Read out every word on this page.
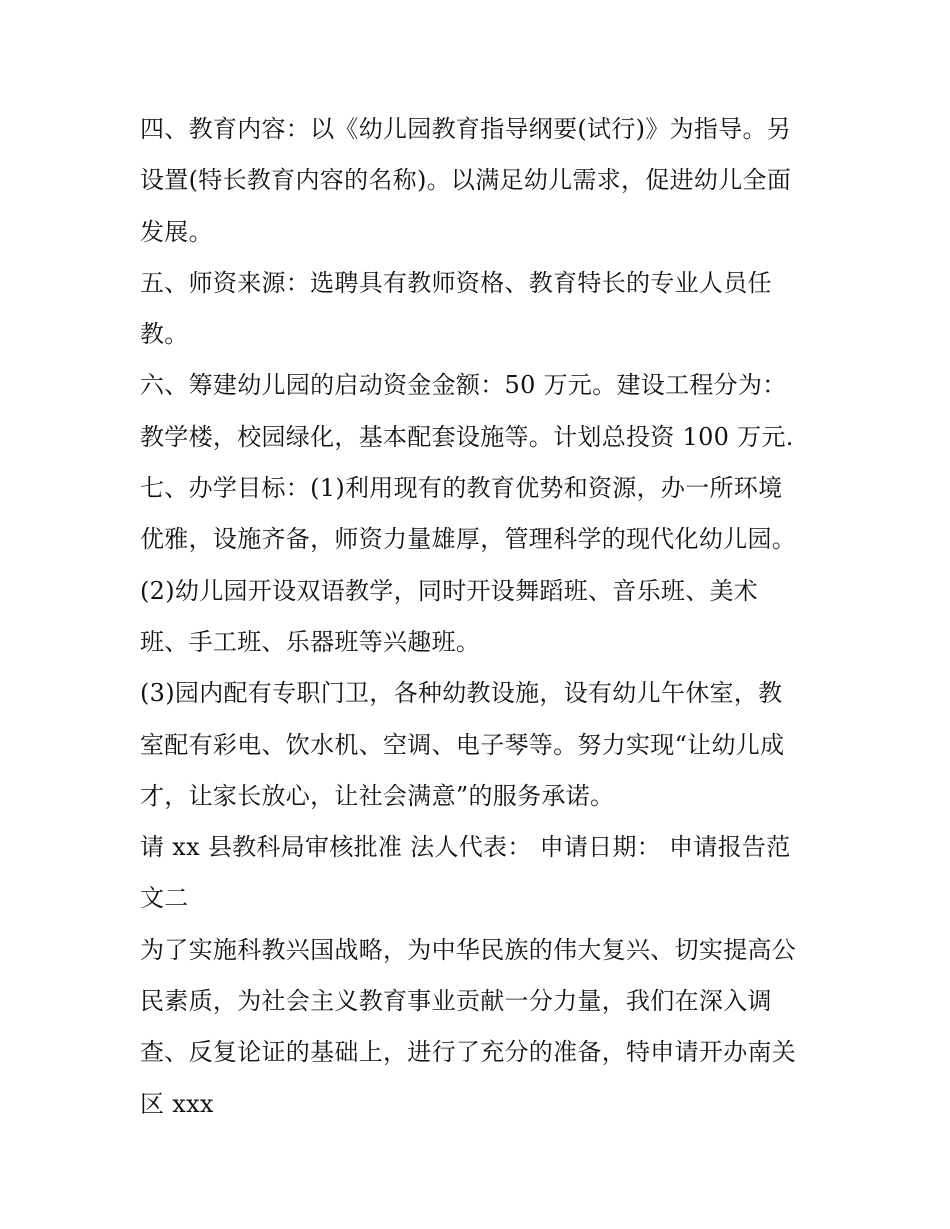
四、教育内容：以《幼儿园教育指导纲要(试行)》为指导。另
设置(特长教育内容的名称)。以满足幼儿需求，促进幼儿全面
发展。
五、师资来源：选聘具有教师资格、教育特长的专业人员任
教。
六、筹建幼儿园的启动资金金额：50 万元。建设工程分为：
教学楼，校园绿化，基本配套设施等。计划总投资 100 万元.
七、办学目标：(1)利用现有的教育优势和资源，办一所环境
优雅，设施齐备，师资力量雄厚，管理科学的现代化幼儿园。
(2)幼儿园开设双语教学，同时开设舞蹈班、音乐班、美术
班、手工班、乐器班等兴趣班。
(3)园内配有专职门卫，各种幼教设施，设有幼儿午休室，教
室配有彩电、饮水机、空调、电子琴等。努力实现“让幼儿成
才，让家长放心，让社会满意”的服务承诺。
请 xx 县教科局审核批准 法人代表： 申请日期： 申请报告范
文二
为了实施科教兴国战略，为中华民族的伟大复兴、切实提高公
民素质，为社会主义教育事业贡献一分力量，我们在深入调
查、反复论证的基础上，进行了充分的准备，特申请开办南关
区 xxx
